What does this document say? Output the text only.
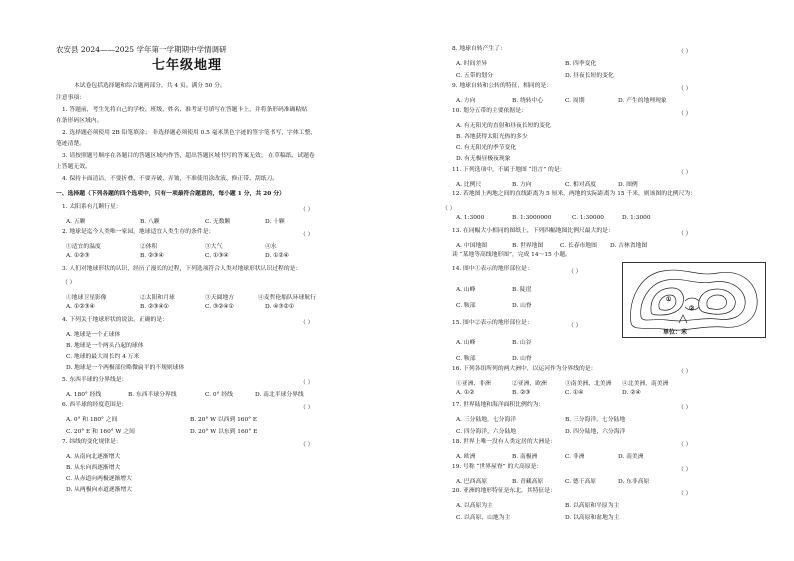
农安县 2024——2025 学年第一学期期中学情调研
七年级地理
本试卷包括选择题和综合题两部分，共 4 页。满分 50 分。
注意事项：
1. 答题前，考生先将自己的学校、班级、姓名、准考证号填写在答题卡上，并将条形码准确粘贴
在条形码区域内。
2. 选择题必须使用 2B 铅笔填涂； 非选择题必须使用 0.5 毫米黑色字迹的签字笔书写，字体工整、
笔迹清楚。
3. 请按照题号顺序在各题目的答题区域内作答，超出答题区域书写的答案无效； 在草稿纸、试题卷
上答题无效。
4. 保持卡面清洁，不要折叠、不要弄破、弄皱，不准使用涂改液、修正带、刮纸刀。
一、选择题（下列各题的四个选项中，只有一项最符合题意的，每小题 1 分，共 20 分）
1. 太阳系有几颗行星：	（ ）
A. 五颗	B. 八颗	C. 无数颗	D. 十颗
2. 地球是迄今人类唯一家园，地球适宜人类生存的条件是：	（ ）
①适宜的温度	②体积	③大气	④水
A. ①②③	B. ②③④	C. ①③④	D. ①②④
3. 人们对地球形状的认识，经历了漫长的过程，下列选项符合人类对地球形状认识过程的是：
（ ）
①地球卫星影像	②太阳和月球	③天圆地方	④麦哲伦船队环球航行
A. ①②③④	B. ②③④①	C. ③②④①	D. ④③②①
4. 下列关于地球形状的说法，正确的是：	（ ）
A. 地球是一个正球体
B. 地球是一个两头凸起的球体
C. 地球的最大周长约 4 万米
D. 地球是一个两极部位略微扁平的不规则球体
5. 东西半球的分界线是：	（ ）
A. 180° 经线	B. 东西半球分界线	C. 0° 经线	D. 南北半球分界线
6. 西半球的经度范围是：	（ ）
A. 0° 和 180° 之间	B. 20° W 以西到 160° E
C. 20° E 和 160° W 之间	D. 20° W 以东到 160° E
7. 纬线的变化规律是：	（ ）
A. 从南向北逐渐增大
B. 从东向西逐渐增大
C. 从赤道向两极逐渐增大
D. 从两极向赤道逐渐增大
8. 地球自转产生了：	（ ）
A. 时间差异	B. 四季变化
C. 五带的划分	D. 昼夜长短的变化
9. 地球自转和公转的特征，相同的是：	（ ）
A. 方向	B. 绕转中心	C. 周期	D. 产生的地理现象
10. 划分五带的主要依据是：	（ ）
A. 有无阳光的直射和昼夜长短的变化
B. 各地获得太阳光热的多少
C. 有无阳光的季节变化
D. 有无极昼极夜现象
11. 下列选项中，不属于地图 “语言” 的是：	（ ）
A. 比例尺	B. 方向	C. 相对高度	D. 图例
12. 若地图上两地之间的直线距离为 5 厘米，两地的实际距离为 15 千米，则该图的比例尺为：
（ ）
A. 1:3000	B. 1:3000000	C. 1:30000	D. 1:3000
13. 在同幅大小相同的图纸上，下列四幅地图比例尺最大的是：	（ ）
A. 中国地图	B. 世界地图	C. 长春市地图 D. 吉林省地图
读 “某地等高线地形图”，完成 14～15 小题。
14. 图中①表示的地形部位是：	（ ）
A. 山峰	B. 陡崖
C. 鞍部	D. 山脊
15. 图中②表示的地形部位是：	（ ）
A. 山峰	B. 山谷
C. 鞍部	D. 山脊
16. 下列各组所列的两大洲中，以运河作为分界线的是：	（ ）
①亚洲、非洲	②亚洲，欧洲	③南美洲、北美洲 ④北美洲，南美洲
A. ①②	B. ②③	C. ①④	D. ②④
17. 世界陆地和海洋面积比例约为：	（ ）
A. 三分陆地，七分海洋	B. 三分海洋，七分陆地
C. 四分海洋，六分陆地	D. 四分陆地，六分海洋
18. 世界上唯一没有人类定居的大洲是：	（ ）
A. 欧洲	B. 南极洲	C. 非洲	D. 南美洲
19. 号称 “世界屋脊” 的大高原是：	（ ）
A. 巴西高原	B. 青藏高原	C. 德干高原	D. 东非高原
20. 亚洲的地形特征是东北，其特征是：	（ ）
A. 以高原为主	B. 以高原和平原为主
C. 以高原、山地为主	D. 以高原和盆地为主
①
②
单位：米
